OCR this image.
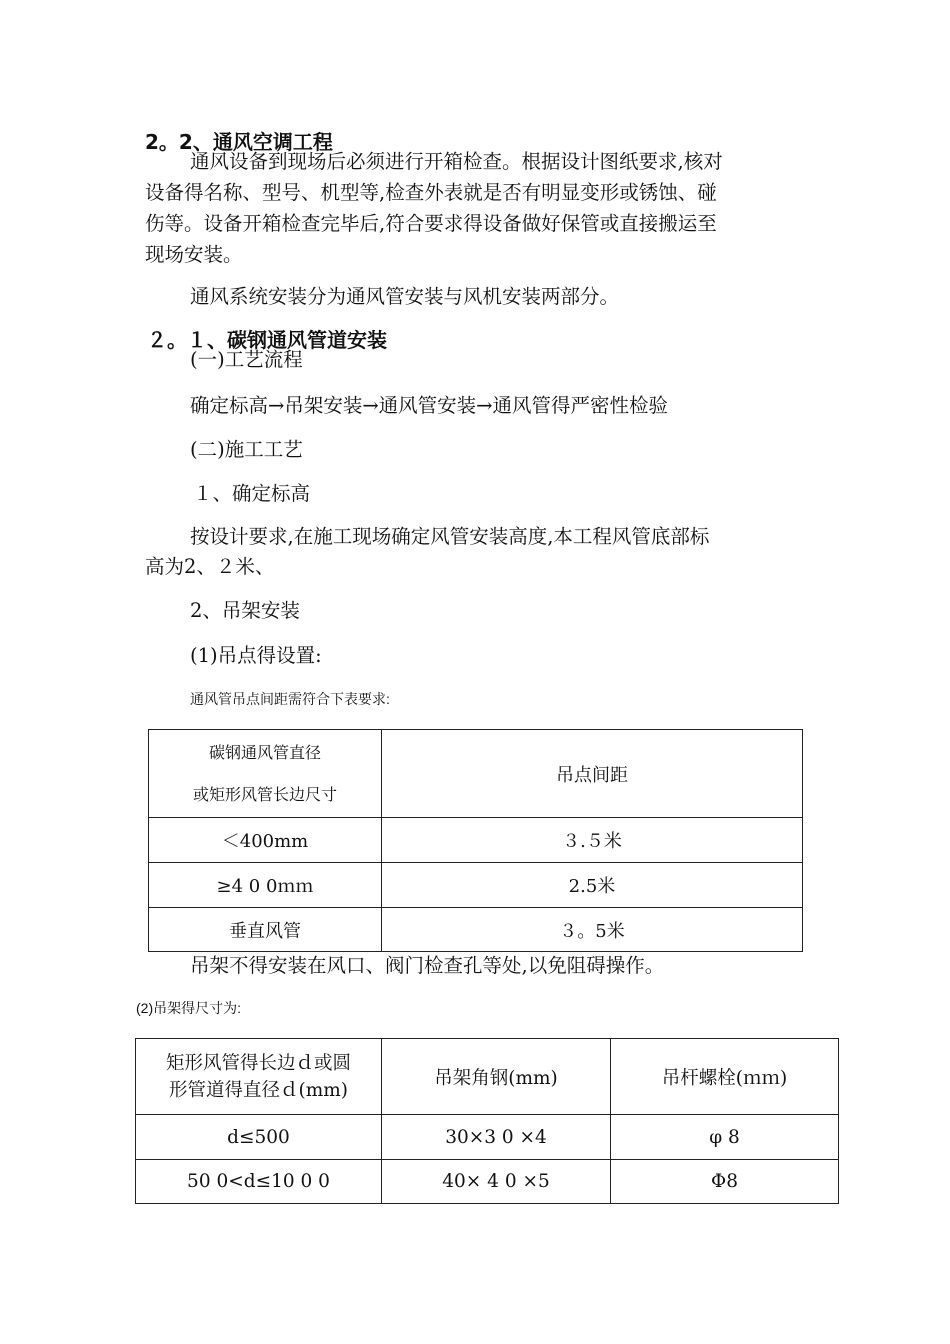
2。2、通风空调工程
通风设备到现场后必须进行开箱检查。根据设计图纸要求,核对
设备得名称、型号、机型等,检查外表就是否有明显变形或锈蚀、碰
伤等。设备开箱检查完毕后,符合要求得设备做好保管或直接搬运至
现场安装。
通风系统安装分为通风管安装与风机安装两部分。
２。１、碳钢通风管道安装
(一)工艺流程
确定标高→吊架安装→通风管安装→通风管得严密性检验
(二)施工工艺
１、确定标高
按设计要求,在施工现场确定风管安装高度,本工程风管底部标
高为2、２米、
2、吊架安装
(1)吊点得设置:
通风管吊点间距需符合下表要求:
碳钢通风管直径
或矩形风管长边尺寸	吊点间距
＜400mm	３.５米
≥4 0 0ｍｍ	2.5米
垂直风管	３。5米
吊架不得安装在风口、阀门检查孔等处,以免阻碍操作。
(2)吊架得尺寸为:
矩形风管得长边ｄ或圆
形管道得直径ｄ(mm)	吊架角钢(mm)	吊杆螺栓(ｍｍ)
d≤500	30×3 0 ×4	φ 8
50 0<d≤10 0 0	40× 4 0 ×5	Φ8
